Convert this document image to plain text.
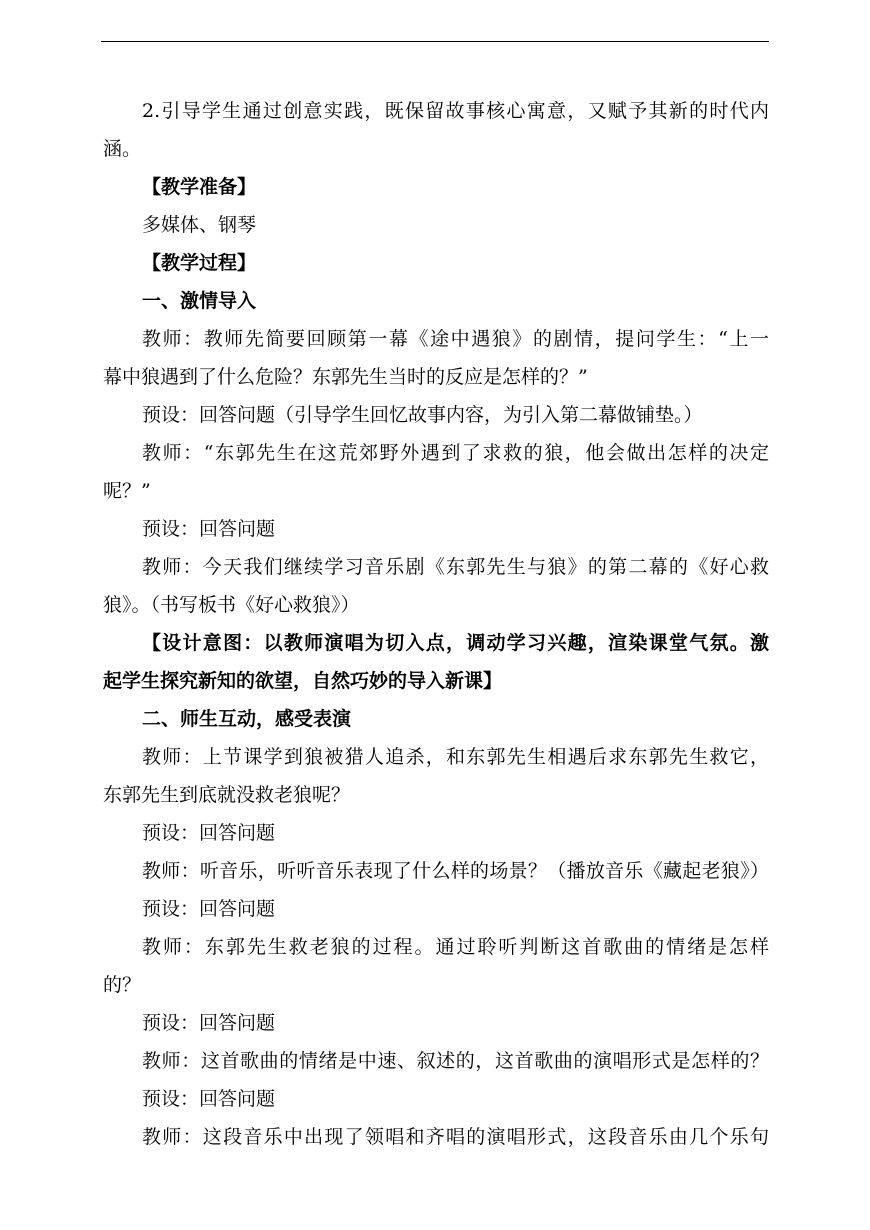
2.引导学生通过创意实践，既保留故事核心寓意，又赋予其新的时代内
涵。
【教学准备】
多媒体、钢琴
【教学过程】
一、激情导入
教师：教师先简要回顾第一幕《途中遇狼》的剧情，提问学生：“上一
幕中狼遇到了什么危险？东郭先生当时的反应是怎样的？”
预设：回答问题（引导学生回忆故事内容，为引入第二幕做铺垫。）
教师：“东郭先生在这荒郊野外遇到了求救的狼，他会做出怎样的决定
呢？”
预设：回答问题
教师：今天我们继续学习音乐剧《东郭先生与狼》的第二幕的《好心救
狼》。（书写板书《好心救狼》）
【设计意图：以教师演唱为切入点，调动学习兴趣，渲染课堂气氛。激
起学生探究新知的欲望，自然巧妙的导入新课】
二、师生互动，感受表演
教师：上节课学到狼被猎人追杀，和东郭先生相遇后求东郭先生救它，
东郭先生到底就没救老狼呢？
预设：回答问题
教师：听音乐，听听音乐表现了什么样的场景？（播放音乐《藏起老狼》）
预设：回答问题
教师：东郭先生救老狼的过程。通过聆听判断这首歌曲的情绪是怎样
的？
预设：回答问题
教师：这首歌曲的情绪是中速、叙述的，这首歌曲的演唱形式是怎样的？
预设：回答问题
教师：这段音乐中出现了领唱和齐唱的演唱形式，这段音乐由几个乐句
